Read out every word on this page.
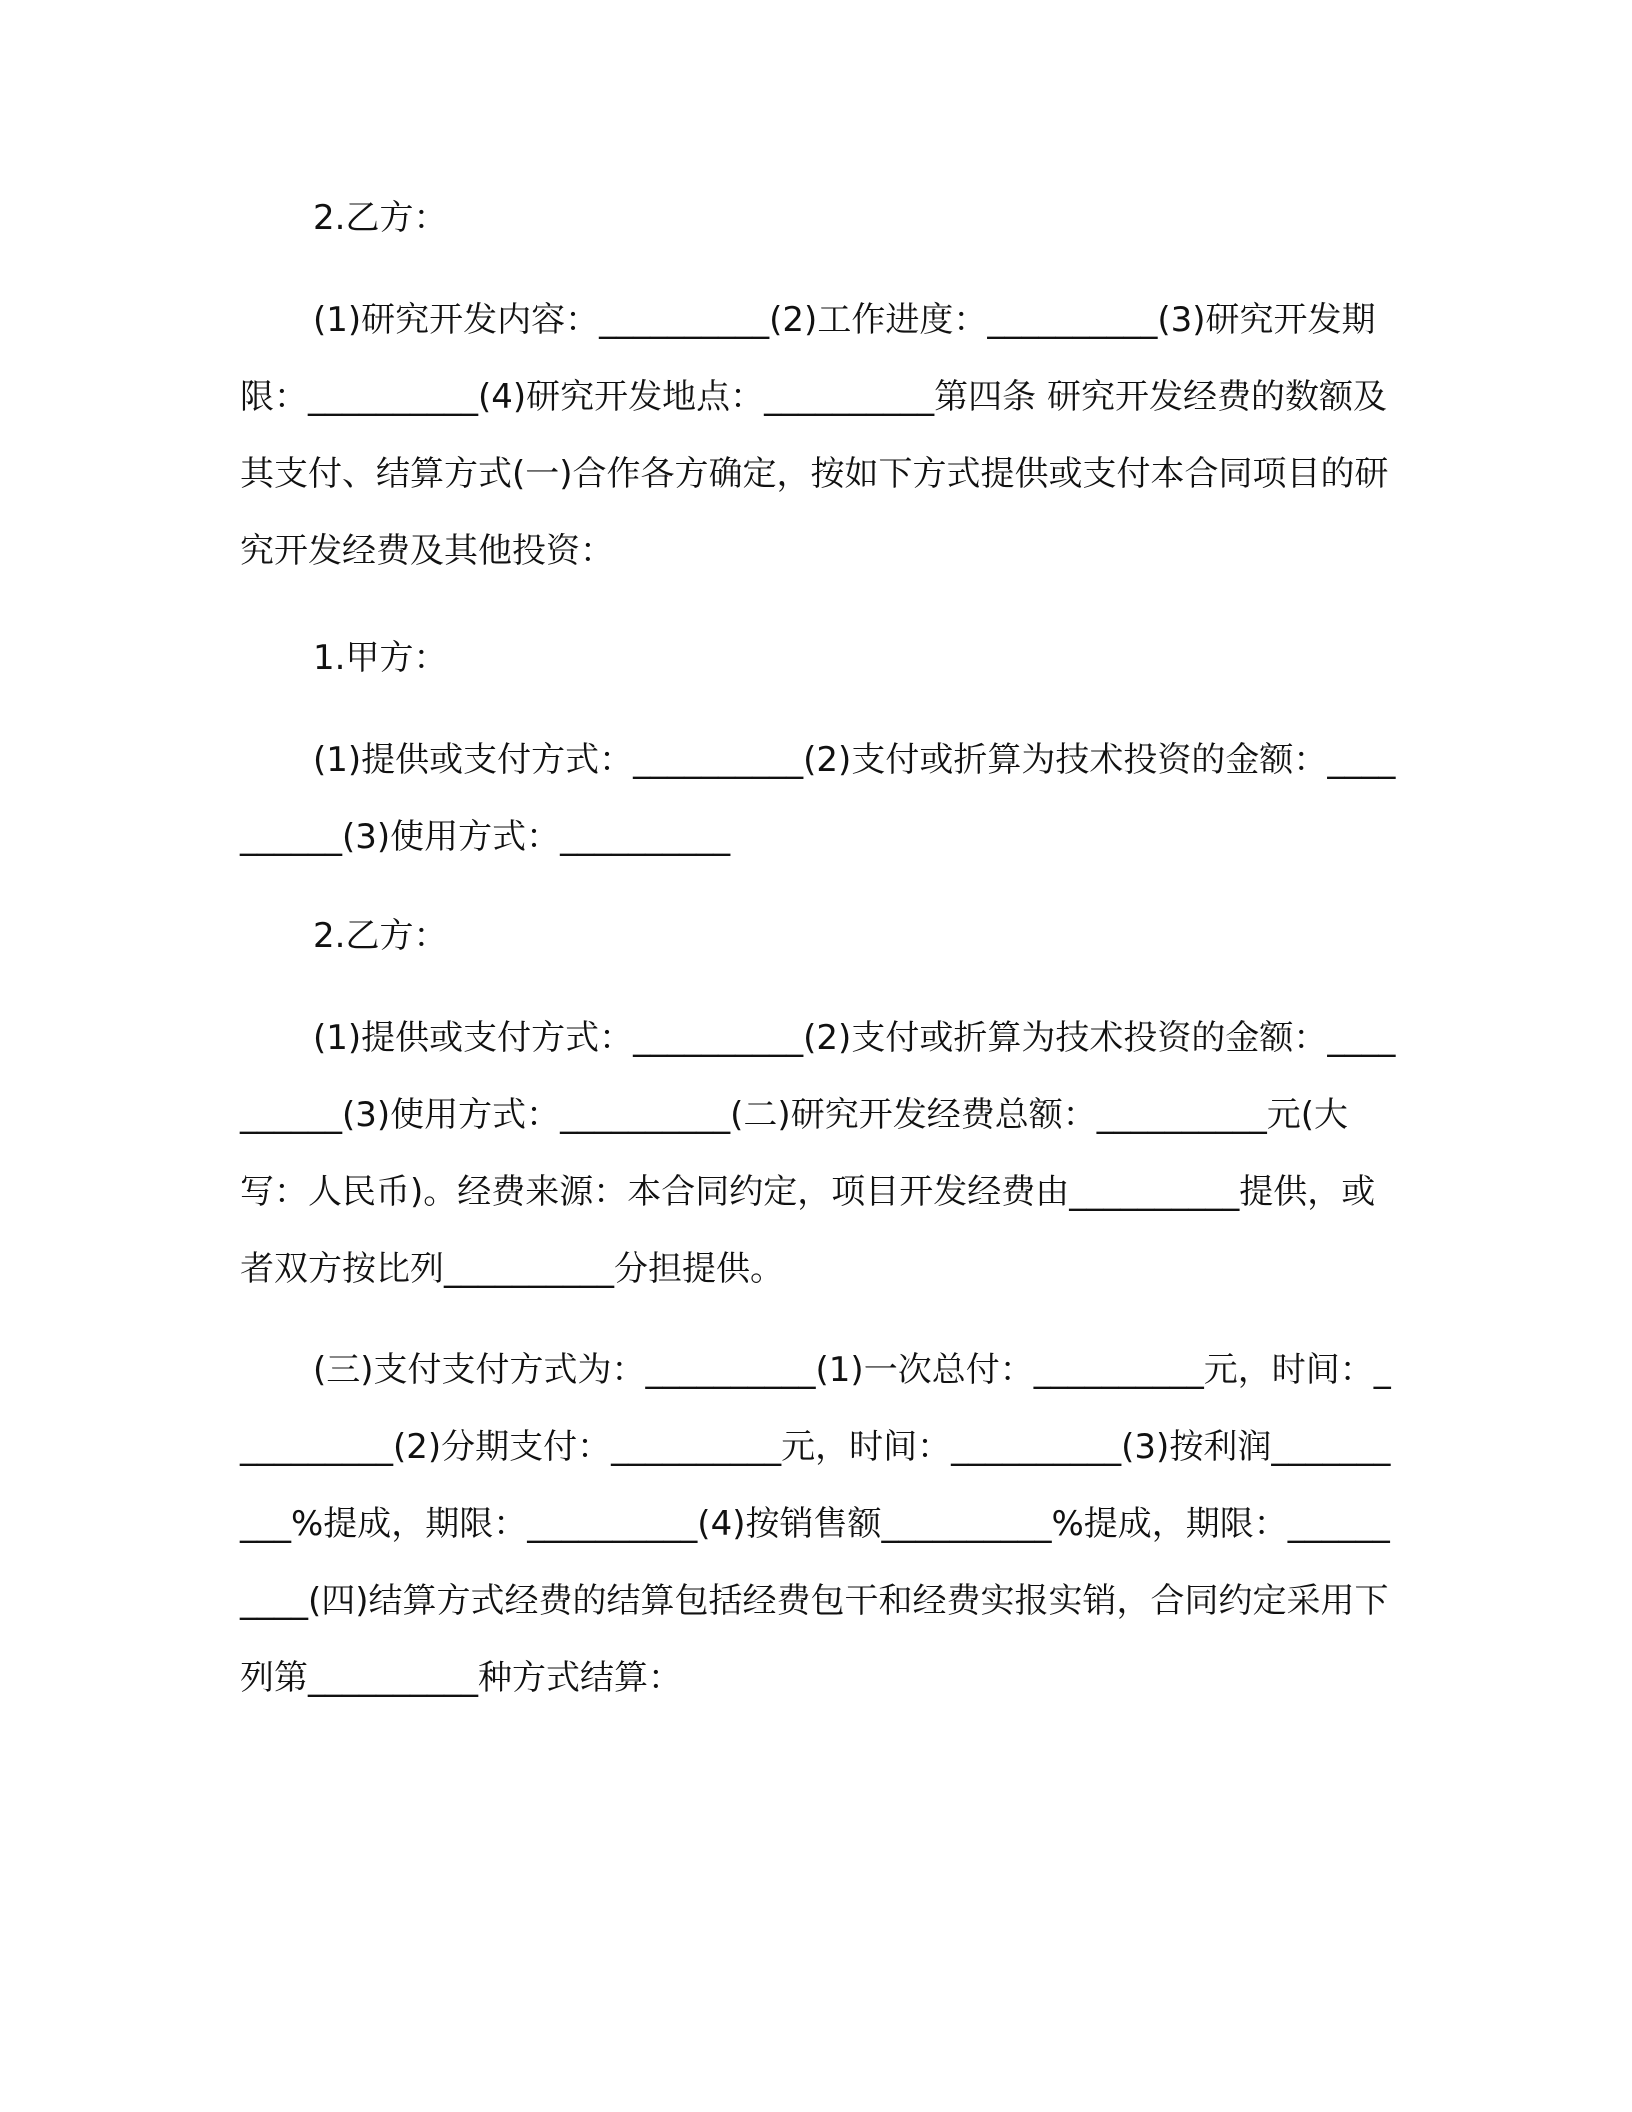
2.乙方：

(1)研究开发内容：__________(2)工作进度：__________(3)研究开发期限：__________(4)研究开发地点：__________第四条 研究开发经费的数额及其支付、结算方式(一)合作各方确定，按如下方式提供或支付本合同项目的研究开发经费及其他投资：

1.甲方：

(1)提供或支付方式：__________(2)支付或折算为技术投资的金额：__________(3)使用方式：__________

2.乙方：

(1)提供或支付方式：__________(2)支付或折算为技术投资的金额：__________(3)使用方式：__________(二)研究开发经费总额：__________元(大写：人民币)。经费来源：本合同约定，项目开发经费由__________提供，或者双方按比列__________分担提供。

(三)支付支付方式为：__________(1)一次总付：__________元，时间：__________(2)分期支付：__________元，时间：__________(3)按利润__________%提成，期限：__________(4)按销售额__________%提成，期限：__________(四)结算方式经费的结算包括经费包干和经费实报实销，合同约定采用下列第__________种方式结算：
